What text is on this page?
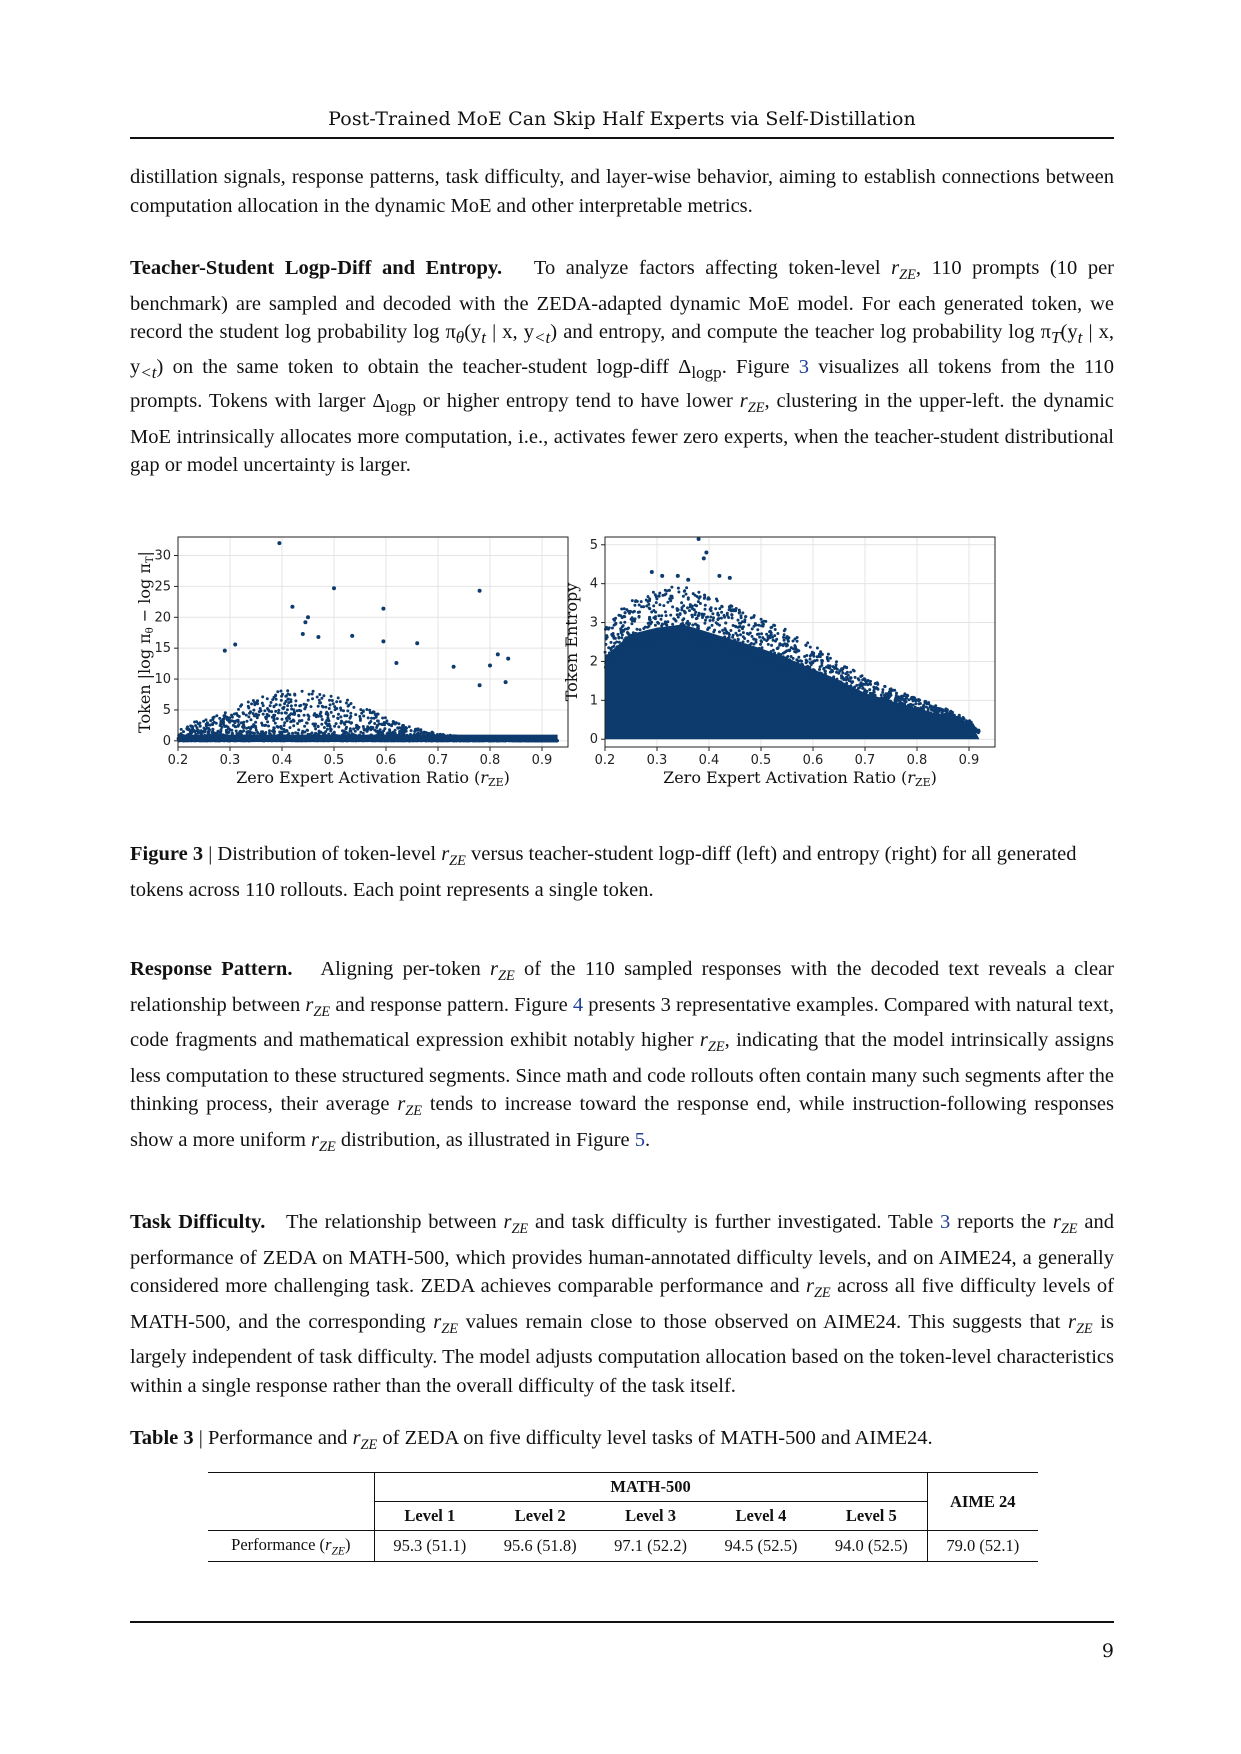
Post-Trained MoE Can Skip Half Experts via Self-Distillation

distillation signals, response patterns, task difficulty, and layer-wise behavior, aiming to establish connections between computation allocation in the dynamic MoE and other interpretable metrics.

Teacher-Student Logp-Diff and Entropy. To analyze factors affecting token-level $r_{ZE}$, 110 prompts (10 per benchmark) are sampled and decoded with the ZEDA-adapted dynamic MoE model. For each generated token, we record the student log probability $\log \pi_\theta(y_t$ | x, $y_{<t}$) and entropy, and compute the teacher log probability $\log \pi_T(y_t$ | x, $y_{<t}$) on the same token to obtain the teacher-student logp-diff $\Delta_{logp}$. Figure 3 visualizes all tokens from the 110 prompts. Tokens with larger $\Delta_{logp}$ or higher entropy tend to have lower $r_{ZE}$, clustering in the upper-left. the dynamic MoE intrinsically allocates more computation, i.e., activates fewer zero experts, when the teacher-student distributional gap or model uncertainty is larger.

0.2 0.3 0.4 0.5 0.6 0.7 0.8 0.9
0
5
10
15
20
25
30
Zero Expert Activation Ratio (rZE)
Token |log πθ − log πT|
0.2 0.3 0.4 0.5 0.6 0.7 0.8 0.9
0
1
2
3
4
5
Zero Expert Activation Ratio (rZE)
Token Entropy

Figure 3 | Distribution of token-level $r_{ZE}$ versus teacher-student logp-diff (left) and entropy (right) for all generated tokens across 110 rollouts. Each point represents a single token.

Response Pattern. Aligning per-token $r_{ZE}$ of the 110 sampled responses with the decoded text reveals a clear relationship between $r_{ZE}$ and response pattern. Figure 4 presents 3 representative examples. Compared with natural text, code fragments and mathematical expression exhibit notably higher $r_{ZE}$, indicating that the model intrinsically assigns less computation to these structured segments. Since math and code rollouts often contain many such segments after the thinking process, their average $r_{ZE}$ tends to increase toward the response end, while instruction-following responses show a more uniform $r_{ZE}$ distribution, as illustrated in Figure 5.

Task Difficulty. The relationship between $r_{ZE}$ and task difficulty is further investigated. Table 3 reports the $r_{ZE}$ and performance of ZEDA on MATH-500, which provides human-annotated difficulty levels, and on AIME24, a generally considered more challenging task. ZEDA achieves comparable performance and $r_{ZE}$ across all five difficulty levels of MATH-500, and the corresponding $r_{ZE}$ values remain close to those observed on AIME24. This suggests that $r_{ZE}$ is largely independent of task difficulty. The model adjusts computation allocation based on the token-level characteristics within a single response rather than the overall difficulty of the task itself.

Table 3 | Performance and $r_{ZE}$ of ZEDA on five difficulty level tasks of MATH-500 and AIME24.

	MATH-500					AIME 24
	Level 1	Level 2	Level 3	Level 4	Level 5	
Performance $(r_{ZE})$	95.3 (51.1)	95.6 (51.8)	97.1 (52.2)	94.5 (52.5)	94.0 (52.5)	79.0 (52.1)
9
